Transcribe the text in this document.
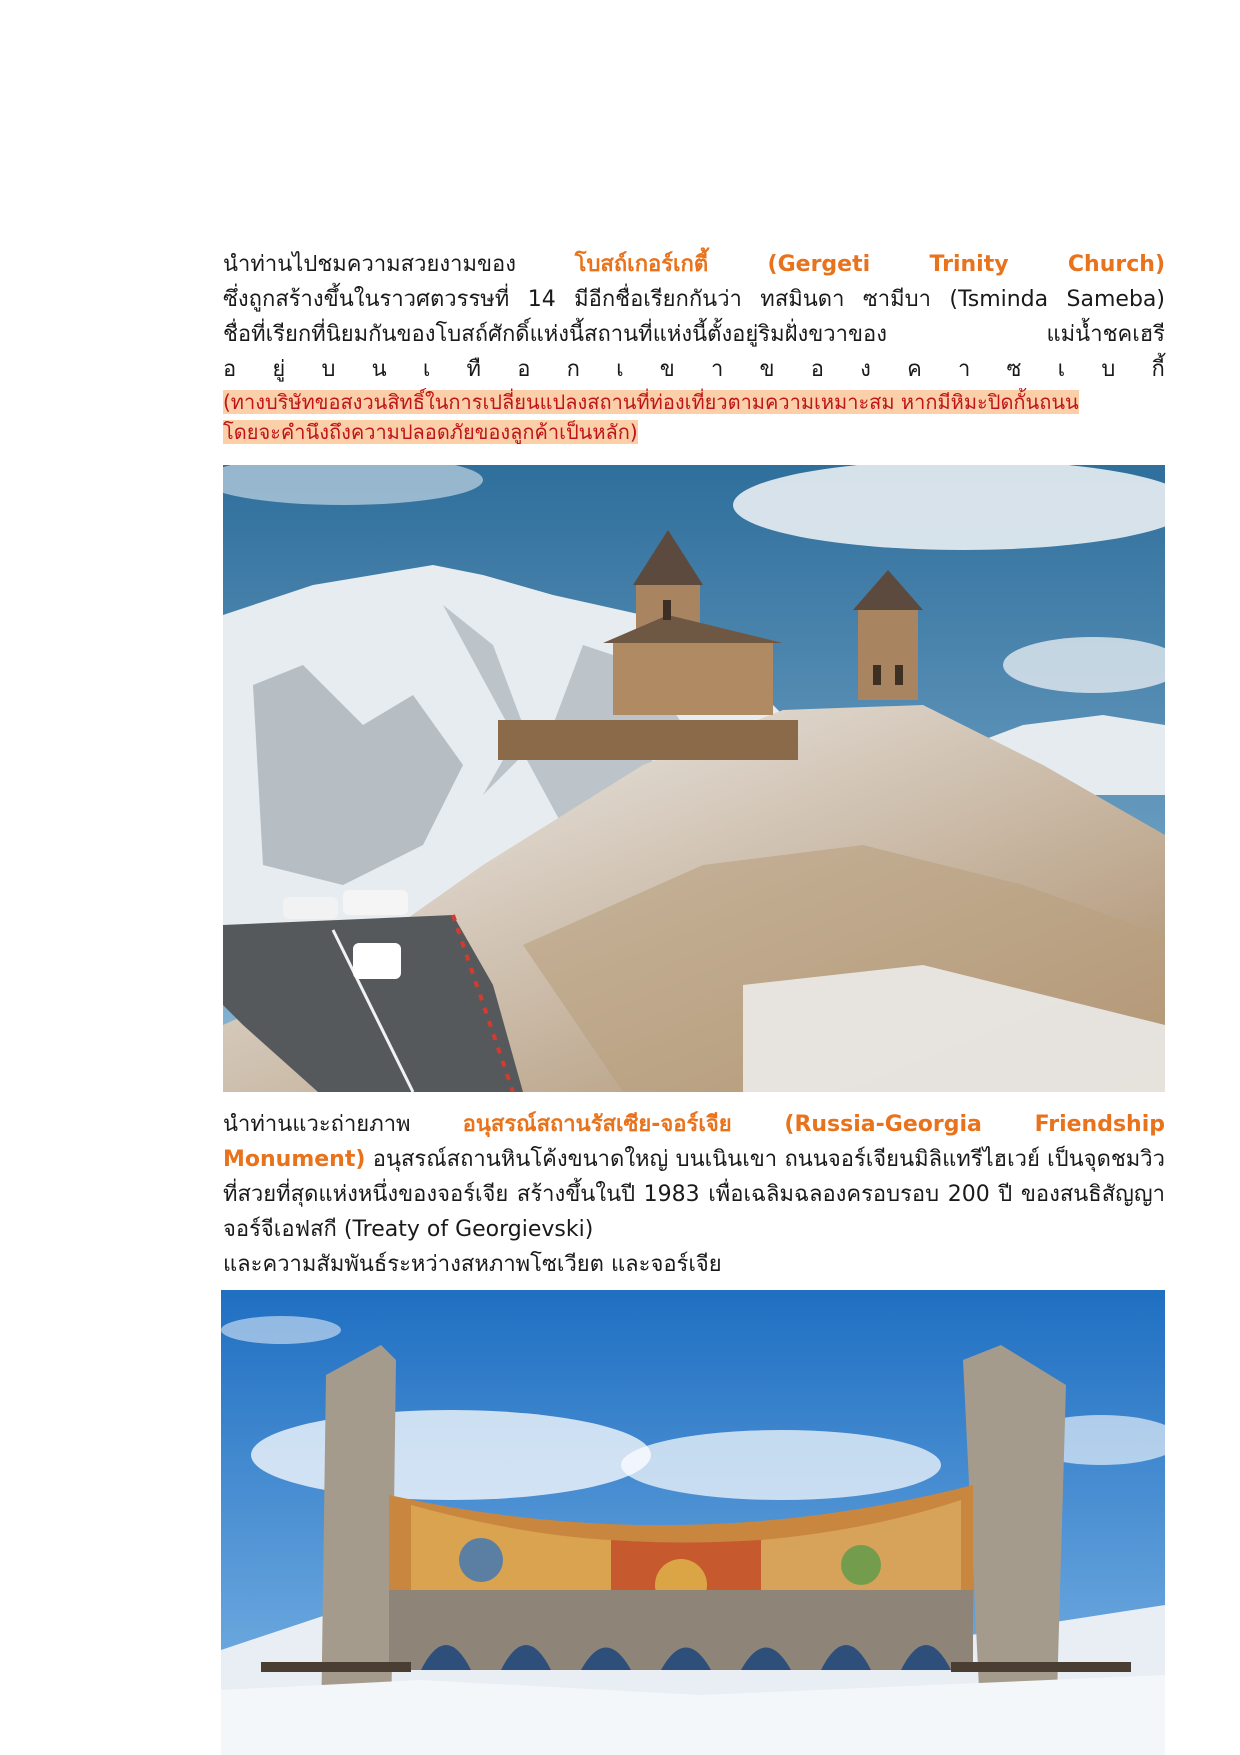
นำท่านไปชมความสวยงามของ โบสถ์เกอร์เกตี้ (Gergeti Trinity Church)
ซึ่งถูกสร้างขึ้นในราวศตวรรษที่ 14 มีอีกชื่อเรียกกันว่า ทสมินดา ซามีบา (Tsminda Sameba)
ชื่อที่เรียกที่นิยมกันของโบสถ์ศักดิ์แห่งนี้สถานที่แห่งนี้ตั้งอยู่ริมฝั่งขวาของ แม่น้ำชคเฮรี
อ ยู่ บ น เ ทื อ ก เ ข า ข อ ง ค า ซ เ บ กี้
(ทางบริษัทขอสงวนสิทธิ์ในการเปลี่ยนแปลงสถานที่ท่องเที่ยวตามความเหมาะสม หากมีหิมะปิดกั้นถนน
โดยจะคำนึงถึงความปลอดภัยของลูกค้าเป็นหลัก)
นำท่านแวะถ่ายภาพ อนุสรณ์สถานรัสเซีย-จอร์เจีย (Russia-Georgia Friendship Monument) อนุสรณ์สถานหินโค้งขนาดใหญ่ บนเนินเขา ถนนจอร์เจียนมิลิแทรีไฮเวย์ เป็นจุดชมวิวที่สวยที่สุดแห่งหนึ่งของจอร์เจีย สร้างขึ้นในปี 1983 เพื่อเฉลิมฉลองครอบรอบ 200 ปี ของสนธิสัญญาจอร์จีเอฟสกี (Treaty of Georgievski)
และความสัมพันธ์ระหว่างสหภาพโซเวียต และจอร์เจีย
